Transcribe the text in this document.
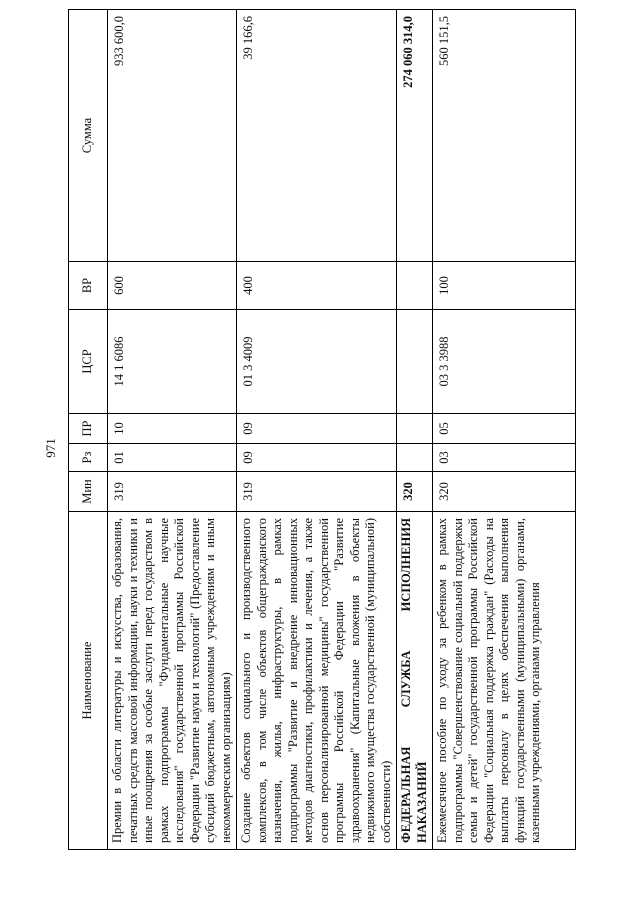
971
Наименование	Мин	Рз	ПР	ЦСР	ВР	Сумма
Премии в области литературы и искусства, образования, печатных средств массовой информации, науки и техники и иные поощрения за особые заслуги перед государством в рамках подпрограммы "Фундаментальные научные исследования" государственной программы Российской Федерации "Развитие науки и технологий" (Предоставление субсидий бюджетным, автономным учреждениям и иным некоммерческим организациям)	319	01	10	14 1 6086	600	933 600,0
Создание объектов социального и производственного комплексов, в том числе объектов общегражданского назначения, жилья, инфраструктуры, в рамках подпрограммы "Развитие и внедрение инновационных методов диагностики, профилактики и лечения, а также основ персонализированной медицины" государственной программы Российской Федерации "Развитие здравоохранения" (Капитальные вложения в объекты недвижимого имущества государственной (муниципальной) собственности)	319	09	09	01 3 4009	400	39 166,6
ФЕДЕРАЛЬНАЯ СЛУЖБА ИСПОЛНЕНИЯ НАКАЗАНИЙ	320					274 060 314,0
Ежемесячное пособие по уходу за ребенком в рамках подпрограммы "Совершенствование социальной поддержки семьи и детей" государственной программы Российской Федерации "Социальная поддержка граждан" (Расходы на выплаты персоналу в целях обеспечения выполнения функций государственными (муниципальными) органами, казенными учреждениями, органами управления	320	03	05	03 3 3988	100	560 151,5
